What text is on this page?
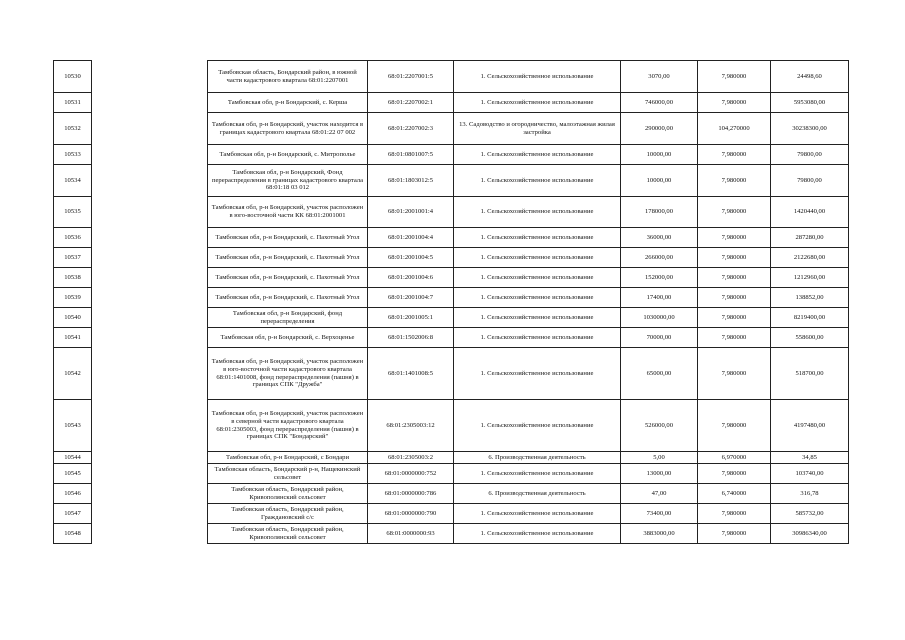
10530		Тамбовская область, Бондарский район, в южной части кадастрового квартала 68:01:2207001	68:01:2207001:5	1. Сельскохозяйственное использование	3070,00	7,980000	24498,60
10531		Тамбовская обл, р-н Бондарский, с. Керша	68:01:2207002:1	1. Сельскохозяйственное использование	746000,00	7,980000	5953080,00
10532		Тамбовская обл, р-н Бондарский, участок находится в границах кадастрового квартала 68:01:22 07 002	68:01:2207002:3	13. Садоводство и огородничество, малоэтажная жилая застройка	290000,00	104,270000	30238300,00
10533		Тамбовская обл, р-н Бондарский, с. Митрополье	68:01:0801007:5	1. Сельскохозяйственное использование	10000,00	7,980000	79800,00
10534		Тамбовская обл, р-н Бондарский, Фонд перераспределения в границах кадастрового квартала 68:01:18 03 012	68:01:1803012:5	1. Сельскохозяйственное использование	10000,00	7,980000	79800,00
10535		Тамбовская обл, р-н Бондарский, участок расположен в юго-восточной части КК 68:01:2001001	68:01:2001001:4	1. Сельскохозяйственное использование	178000,00	7,980000	1420440,00
10536		Тамбовская обл, р-н Бондарский, с. Пахотный Угол	68:01:2001004:4	1. Сельскохозяйственное использование	36000,00	7,980000	287280,00
10537		Тамбовская обл, р-н Бондарский, с. Пахотный Угол	68:01:2001004:5	1. Сельскохозяйственное использование	266000,00	7,980000	2122680,00
10538		Тамбовская обл, р-н Бондарский, с. Пахотный Угол	68:01:2001004:6	1. Сельскохозяйственное использование	152000,00	7,980000	1212960,00
10539		Тамбовская обл, р-н Бондарский, с. Пахотный Угол	68:01:2001004:7	1. Сельскохозяйственное использование	17400,00	7,980000	138852,00
10540		Тамбовская обл, р-н Бондарский, фонд перераспределения	68:01:2001005:1	1. Сельскохозяйственное использование	1030000,00	7,980000	8219400,00
10541		Тамбовская обл, р-н Бондарский, с. Верхоценье	68:01:1502006:8	1. Сельскохозяйственное использование	70000,00	7,980000	558600,00
10542		Тамбовская обл, р-н Бондарский, участок расположен в юго-восточной части кадастрового квартала 68:01:1401008, фонд перераспределения (пашня) в границах СПК "Дружба"	68:01:1401008:5	1. Сельскохозяйственное использование	65000,00	7,980000	518700,00
10543		Тамбовская обл, р-н Бондарский, участок расположен в северной части кадастрового квартала 68:01:2305003, фонд перераспределения (пашня) в границах СПК "Бондарский"	68:01:2305003:12	1. Сельскохозяйственное использование	526000,00	7,980000	4197480,00
10544		Тамбовская обл, р-н Бондарский, с Бондари	68:01:2305003:2	6. Производственная деятельность	5,00	6,970000	34,85
10545		Тамбовская область, Бондарский р-н, Нащекинский сельсовет	68:01:0000000:752	1. Сельскохозяйственное использование	13000,00	7,980000	103740,00
10546		Тамбовская область, Бондарский район, Кривополянский сельсовет	68:01:0000000:786	6. Производственная деятельность	47,00	6,740000	316,78
10547		Тамбовская область, Бондарский район, Граждановский с/с	68:01:0000000:790	1. Сельскохозяйственное использование	73400,00	7,980000	585732,00
10548		Тамбовская область, Бондарский район, Кривополянский сельсовет	68:01:0000000:93	1. Сельскохозяйственное использование	3883000,00	7,980000	30986340,00
